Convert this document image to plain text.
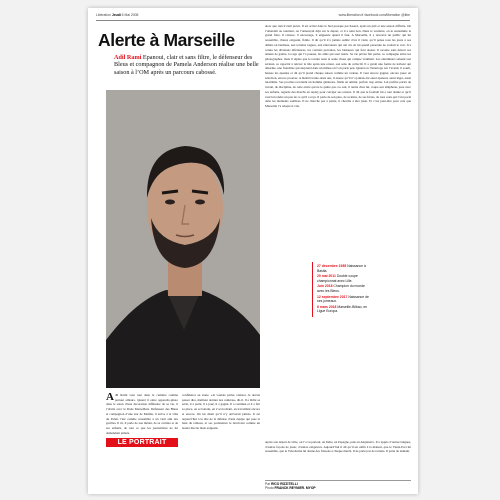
Libération Jeudi 6 Mai 2008	www.liberation.fr facebook.com/liberation @libe
Alerte à Marseille

Adil Rami Epanoui, clair et sans filtre, le défenseur des Bleus et compagnon de Pamela Anderson réalise une belle saison à l’OM après un parcours cabossé.

alors que rien n’était prévu. Il est arrivé dans le Sud presque par hasard, après un prêt et une saison difficile. On l’attendait au tournant, on l’annonçait déjà sur le départ, et il a tenu bon. Dans le vestiaire, on le surnomme le grand frère. Il rassure, il encourage, il engueule quand il faut. A Marseille, il a retrouvé un public qui lui ressemble, chaud, exigeant, fidèle. Il dit qu’il n’a jamais oublié d’où il vient, qu’il pense tous les jours à ses débuts en banlieue, aux terrains vagues, aux éducateurs qui ont cru en lui quand personne ne voulait le voir. Il a connu les divisions inférieures, les contrats précaires, les blessures qui font douter. Il raconte sans détour ses années de galère, la rage qui l’a poussé, les amis qui sont restés. Sa vie privée fait parler, sa compagne attire les photographes, mais il répète que le terrain reste la seule chose qui compte vraiment. Les entraîneurs saluent son sérieux, sa capacité à relever la tête après une erreur, son sens du collectif. Il a gardé une forme de naïveté qui désarme, une franchise qui surprend dans un milieu où l’on parle peu. Quand on l’interroge sur l’avenir, il sourit, hausse les épaules et dit qu’il prend chaque saison comme un cadeau. Il veut encore gagner, encore jouer en sélection, encore prouver. A bientôt trente-deux ans, il assure qu’il n’a jamais été aussi épanoui, aussi léger, aussi lui-même. Ses proches racontent un homme généreux, fidèle en amitié, parfois trop entier. Lui préfère parler de travail, de discipline, de cette envie qui ne le quitte pas. Le soir, il rentre chez lui, coupe son téléphone, joue avec ses enfants, regarde des matchs en replay pour corriger ses erreurs. Il dit que le football lui a tout donné et qu’il veut lui rendre un peu de ce qu’il a reçu. Il parle de son père, de sa mère, de ses frères, de tous ceux qui l’ont porté dans les moments sombres. Il ne cherche pas à plaire, il cherche à être juste. Et c’est peut-être pour cela que Marseille l’a adopté si vite.

27 décembre 1985 Naissance à Bastia.
20 mai 2011 Double coupe championnat avec Lille.
Juin 2018 Champion du monde avec les Bleus.
12 septembre 2017 Naissance de ses jumeaux.
6 mars 2018 Marseille-Bilbao, en Ligue Europa.

A dil Rami veut tout dans la camière comme partout ailleurs. Quand il entre appareils-photo dans le salon d’une décoration différente de sa vie, il l’abrite avec le Dans Marseillais. Défenseur des Bleus et compagnon d’une star de Malibu, il arrive à la villa du Palais l’été comme ressemble à un vieil ami des gorilles. Il rit, il parle de son métier, de sa carrière et de ses enfants, de tout ce que les journalistes ne lui demandent jamais.

LE PORTRAIT

confidence au stone. «Je voulais parler, résister. Je devais passer dire, meilleur dernier des caméras» dit-il. Il a lâché sa série, il a parlé, il a joué, il a gagné. Il a continué et il a fait sa place, en se battant, en s’accrochant, en travaillant encore et encore. On lui disait qu’il n’y arriverait jamais. Il est aujourd’hui à la tête de la défense d’une équipe qui joue le haut du tableau, et ses partenaires le décrivent comme un leader discret mais exigeant.

Après son départ de Lille, on l’a vu partout, en Italie, en Espagne, puis en Angleterre. Il a appris d’autres langues, d’autres façons de jouer, d’autres exigences. Aujourd’hui il dit qu’il est enfin à la maison, que le Vieux-Port lui ressemble, que le Vélodrome lui donne des frissons à chaque match. Il ne parle pas de retraite. Il parle de demain.

Par RICO RIZZITELLI
Photo FRANCK REYNIER. MYOP
